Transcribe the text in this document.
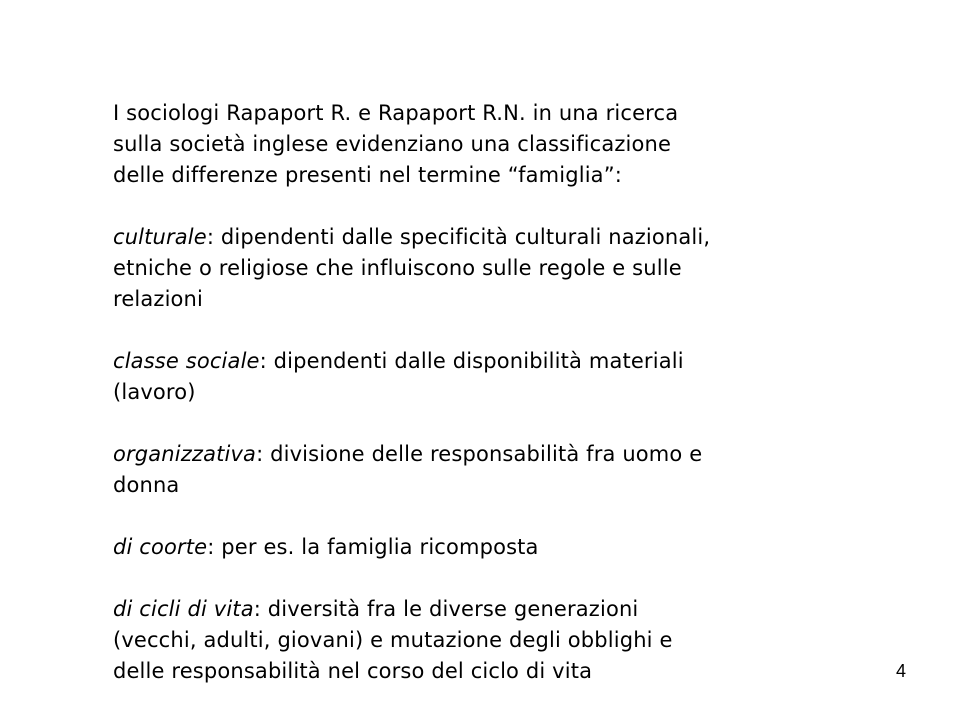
I sociologi Rapaport R. e Rapaport R.N. in una ricerca
sulla società inglese evidenziano una classificazione
delle differenze presenti nel termine “famiglia”:

culturale: dipendenti dalle specificità culturali nazionali,
etniche o religiose che influiscono sulle regole e sulle
relazioni

classe sociale: dipendenti dalle disponibilità materiali
(lavoro)

organizzativa: divisione delle responsabilità fra uomo e
donna

di coorte: per es. la famiglia ricomposta

di cicli di vita: diversità fra le diverse generazioni
(vecchi, adulti, giovani) e mutazione degli obblighi e
delle responsabilità nel corso del ciclo di vita	4
